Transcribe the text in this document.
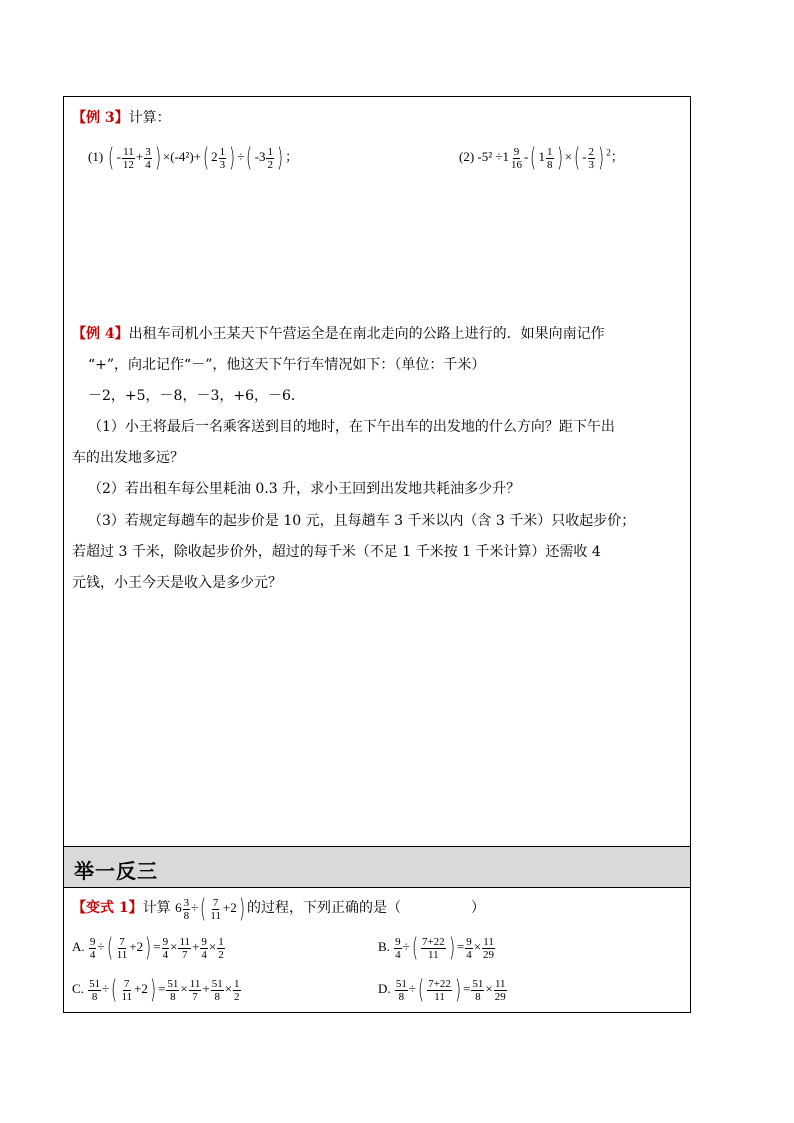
【例 3】计算：
(1) ( - $\frac{11}{12} + \frac{3}{4}$ ) ×(-4²)+( $2 \frac{1}{3}$ ) ÷( $-3 \frac{1}{2}$ ) ；	(2) $-5^2 \div 1 \frac{9}{16}$ -( $1 \frac{1}{8}$ ) ×( - $\frac{2}{3}$ ) $^2$；
【例 4】出租车司机小王某天下午营运全是在南北走向的公路上进行的．如果向南记作
“+”，向北记作“－”，他这天下午行车情况如下：（单位：千米）
－2，+5，－8，－3，+6，－6．
（1）小王将最后一名乘客送到目的地时，在下午出车的出发地的什么方向？距下午出
车的出发地多远？
（2）若出租车每公里耗油 0.3 升，求小王回到出发地共耗油多少升？
（3）若规定每趟车的起步价是 10 元，且每趟车 3 千米以内（含 3 千米）只收起步价；
若超过 3 千米，除收起步价外，超过的每千米（不足 1 千米按 1 千米计算）还需收 4
元钱，小王今天是收入是多少元？
举一反三
【变式 1】计算 $6 \frac{3}{8}$ ÷( $\frac{7}{11} +2$) 的过程，下列正确的是（	）
A. $\frac{9}{4}$ ÷( $\frac{7}{11} +2) = \frac{9}{4} \times \frac{11}{7} + \frac{9}{4} \times \frac{1}{2}$	B. $\frac{9}{4}$ ÷( $\frac{7+22}{11}$ ) = $\frac{9}{4} \times \frac{11}{29}$
C. $\frac{51}{8}$ ÷( $\frac{7}{11} +2) = \frac{51}{8} \times \frac{11}{7} + \frac{51}{8} \times \frac{1}{2}$	D. $\frac{51}{8}$ ÷( $\frac{7+22}{11}$ ) = $\frac{51}{8} \times \frac{11}{29}$
